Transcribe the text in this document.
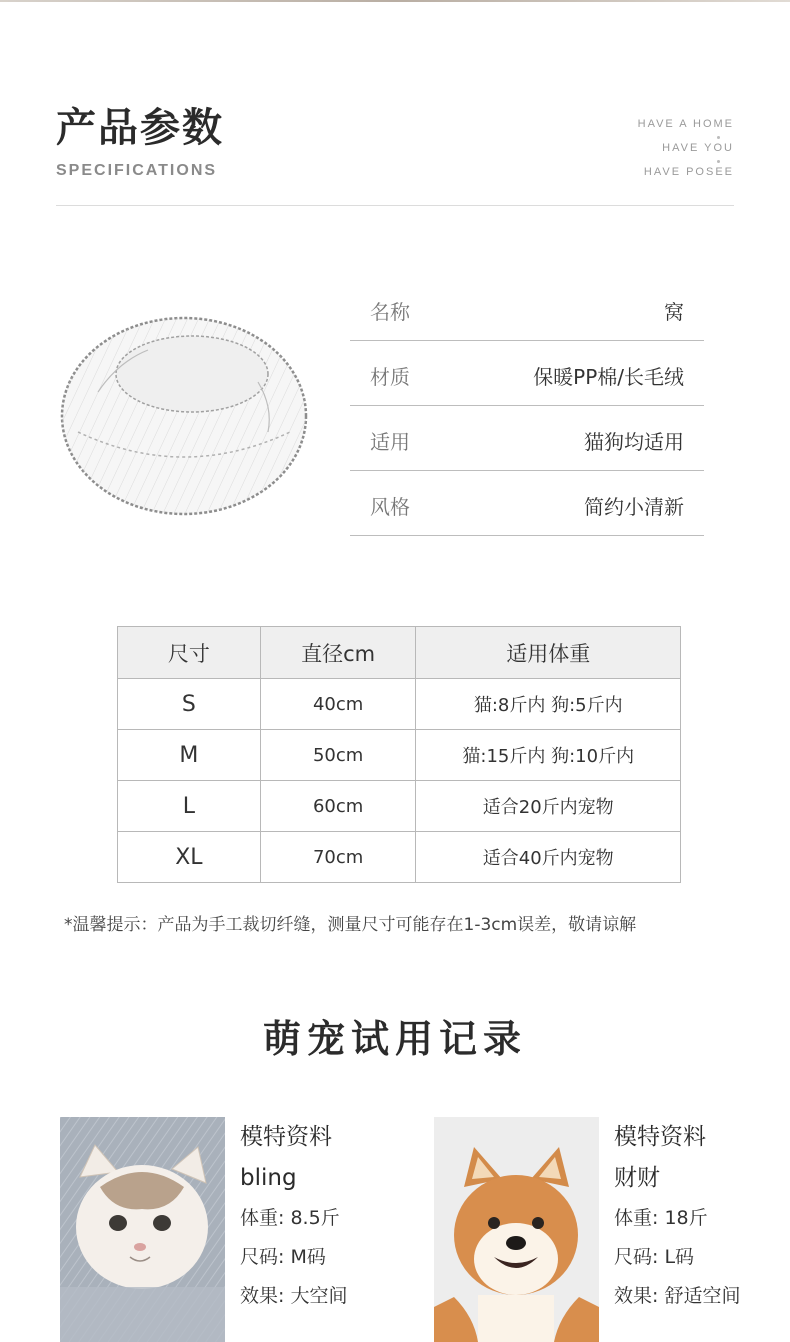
产品参数
SPECIFICATIONS
HAVE A HOME
HAVE YOU
HAVE POSEE
名称	窝
材质	保暖PP棉/长毛绒
适用	猫狗均适用
风格	简约小清新
尺寸	直径cm	适用体重
S	40cm	猫:8斤内 狗:5斤内
M	50cm	猫:15斤内 狗:10斤内
L	60cm	适合20斤内宠物
XL	70cm	适合40斤内宠物
*温馨提示：产品为手工裁切纤缝，测量尺寸可能存在1-3cm误差，敬请谅解
萌宠试用记录
模特资料
bling
体重: 8.5斤
尺码: M码
效果: 大空间
模特资料
财财
体重: 18斤
尺码: L码
效果: 舒适空间
